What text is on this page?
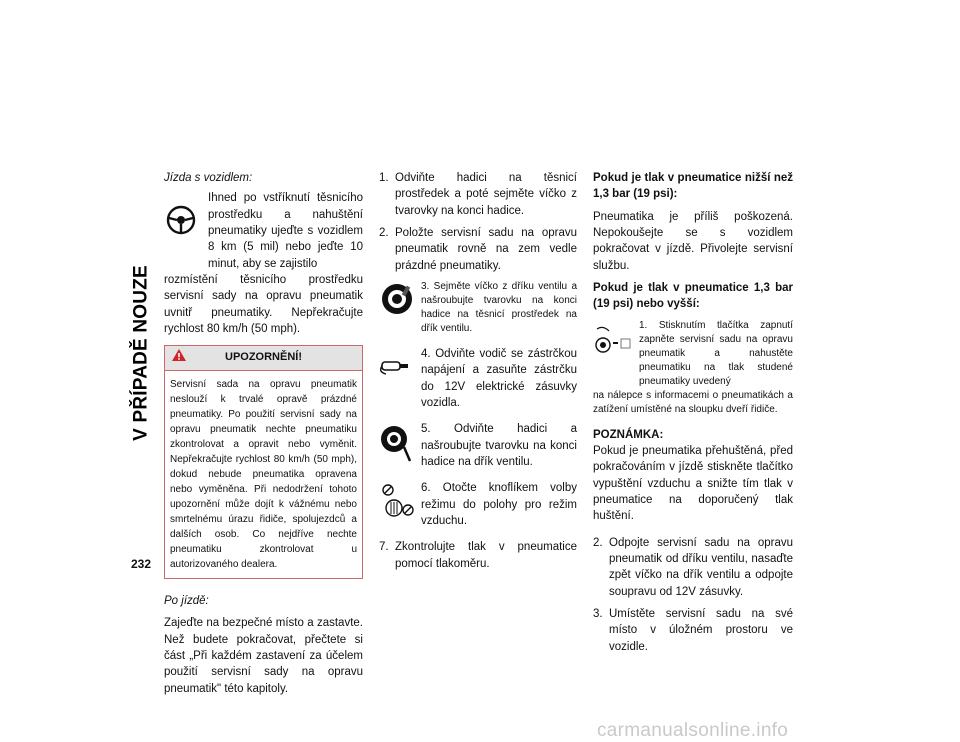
V PŘÍPADĚ NOUZE
232
Jízda s vozidlem:
Ihned po vstříknutí těsnicího prostředku a nahuštění pneumatiky ujeďte s vozidlem 8 km (5 mil) nebo jeďte 10 minut, aby se zajistilo
rozmístění těsnicího prostředku servisní sady na opravu pneumatik uvnitř pneumatiky. Nepřekračujte rychlost 80 km/h (50 mph).
UPOZORNĚNÍ!
Servisní sada na opravu pneumatik neslouží k trvalé opravě prázdné pneumatiky. Po použití servisní sady na opravu pneumatik nechte pneumatiku zkontrolovat a opravit nebo vyměnit. Nepřekračujte rychlost 80 km/h (50 mph), dokud nebude pneumatika opravena nebo vyměněna. Při nedodržení tohoto upozornění může dojít k vážnému nebo smrtelnému úrazu řidiče, spolujezdců a dalších osob. Co nejdříve nechte pneumatiku zkontrolovat u autorizovaného dealera.
Po jízdě:
Zajeďte na bezpečné místo a zastavte. Než budete pokračovat, přečtete si část „Při každém zastavení za účelem použití servisní sady na opravu pneumatik" této kapitoly.
1. Odviňte hadici na těsnicí prostředek a poté sejměte víčko z tvarovky na konci hadice.
2. Položte servisní sadu na opravu pneumatik rovně na zem vedle prázdné pneumatiky.
3. Sejměte víčko z dříku ventilu a našroubujte tvarovku na konci hadice na těsnicí prostředek na dřík ventilu.
4. Odviňte vodič se zástrčkou napájení a zasuňte zástrčku do 12V elektrické zásuvky vozidla.
5. Odviňte hadici a našroubujte tvarovku na konci hadice na dřík ventilu.
6. Otočte knoflíkem volby režimu do polohy pro režim vzduchu.
7. Zkontrolujte tlak v pneumatice pomocí tlakoměru.
Pokud je tlak v pneumatice nižší než 1,3 bar (19 psi):
Pneumatika je příliš poškozená. Nepokoušejte se s vozidlem pokračovat v jízdě. Přivolejte servisní službu.
Pokud je tlak v pneumatice 1,3 bar (19 psi) nebo vyšší:
1. Stisknutím tlačítka zapnutí zapněte servisní sadu na opravu pneumatik a nahustěte pneumatiku na tlak studené pneumatiky uvedený
na nálepce s informacemi o pneumatikách a zatížení umístěné na sloupku dveří řidiče.
POZNÁMKA:
Pokud je pneumatika přehuštěná, před pokračováním v jízdě stiskněte tlačítko vypuštění vzduchu a snižte tím tlak v pneumatice na doporučený tlak huštění.
2. Odpojte servisní sadu na opravu pneumatik od dříku ventilu, nasaďte zpět víčko na dřík ventilu a odpojte soupravu od 12V zásuvky.
3. Umístěte servisní sadu na své místo v úložném prostoru ve vozidle.
carmanualsonline.info
